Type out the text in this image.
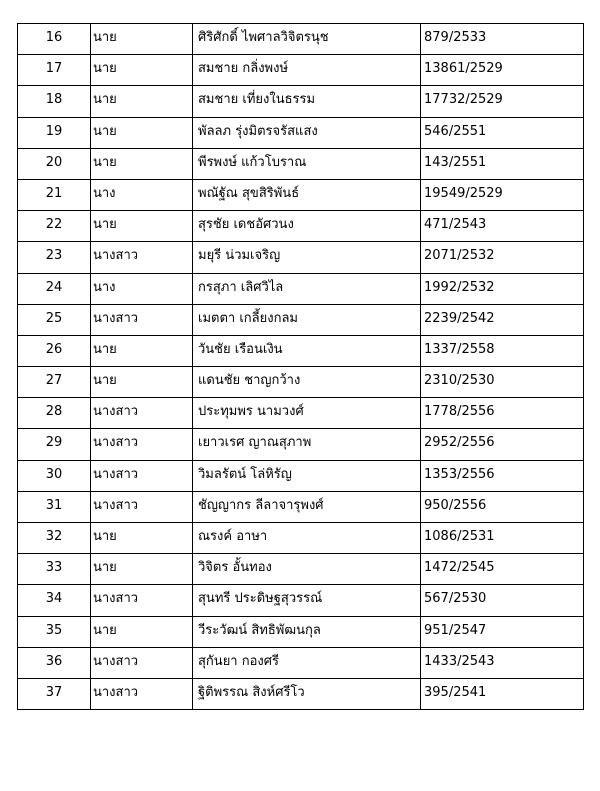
16	นาย	ศิริศักดิ์ ไพศาลวิจิตรนุช	879/2533
17	นาย	สมชาย กลิ่งพงษ์	13861/2529
18	นาย	สมชาย เที่ยงในธรรม	17732/2529
19	นาย	พัลลภ รุ่งมิตรจรัสแสง	546/2551
20	นาย	พีรพงษ์ แก้วโบราณ	143/2551
21	นาง	พณัฐัณ สุขสิริพันธ์	19549/2529
22	นาย	สุรชัย เดชอัศวนง	471/2543
23	นางสาว	มยุรี น่วมเจริญ	2071/2532
24	นาง	กรสุภา เลิศวิไล	1992/2532
25	นางสาว	เมตตา เกลี้ยงกลม	2239/2542
26	นาย	วันชัย เรือนเงิน	1337/2558
27	นาย	แดนชัย ชาญกว้าง	2310/2530
28	นางสาว	ประทุมพร นามวงศ์	1778/2556
29	นางสาว	เยาวเรศ ญาณสุภาพ	2952/2556
30	นางสาว	วิมลรัตน์ โล่หิรัญ	1353/2556
31	นางสาว	ชัญญากร ลีลาจารุพงศ์	950/2556
32	นาย	ณรงค์ อาษา	1086/2531
33	นาย	วิจิตร อั้นทอง	1472/2545
34	นางสาว	สุนทรี ประดิษฐสุวรรณ์	567/2530
35	นาย	วีระวัฒน์ สิทธิพัฒนกุล	951/2547
36	นางสาว	สุกันยา กองศรี	1433/2543
37	นางสาว	ฐิติพรรณ สิงห์ศรีโว	395/2541
